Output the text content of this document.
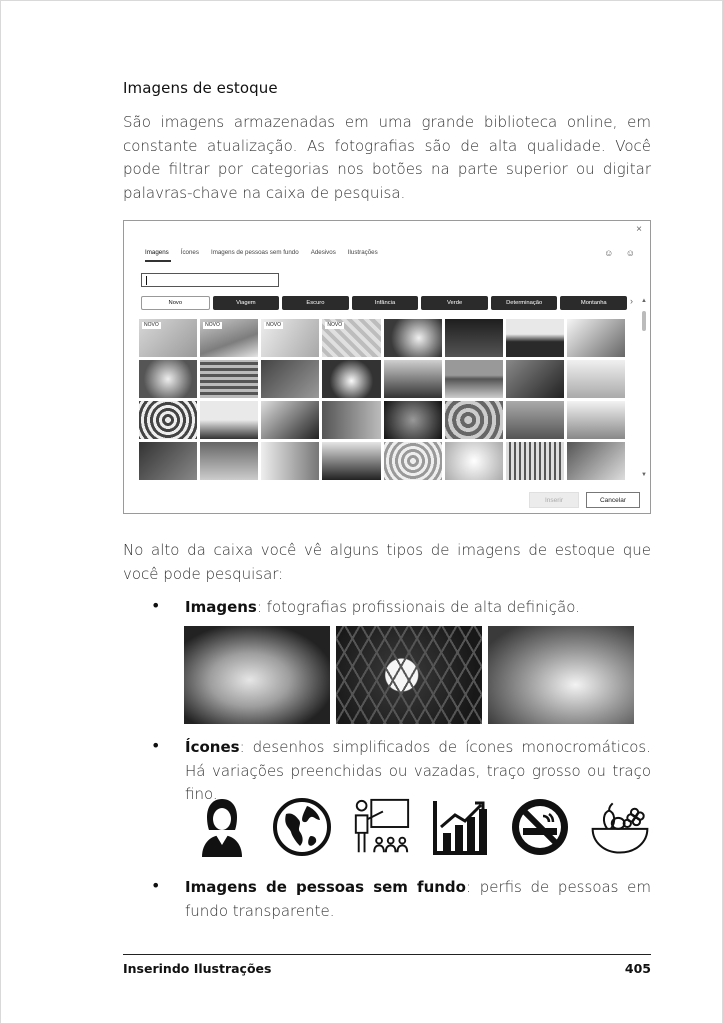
Imagens de estoque
São imagens armazenadas em uma grande biblioteca online, em constante atualização. As fotografias são de alta qualidade. Você pode filtrar por categorias nos botões na parte superior ou digitar palavras-chave na caixa de pesquisa.
×
Imagens Ícones Imagens de pessoas sem fundo Adesivos Ilustrações	☺ ☺
Novo	Viagem	Escuro	Infância	Verde	Determinação	Montanha	›
NOVO	NOVO	NOVO	NOVO
▲
▼
Inserir	Cancelar
No alto da caixa você vê alguns tipos de imagens de estoque que você pode pesquisar:
• Imagens: fotografias profissionais de alta definição.
• Ícones: desenhos simplificados de ícones monocromáticos. Há variações preenchidas ou vazadas, traço grosso ou traço fino.
• Imagens de pessoas sem fundo: perfis de pessoas em fundo transparente.
Inserindo Ilustrações	405
